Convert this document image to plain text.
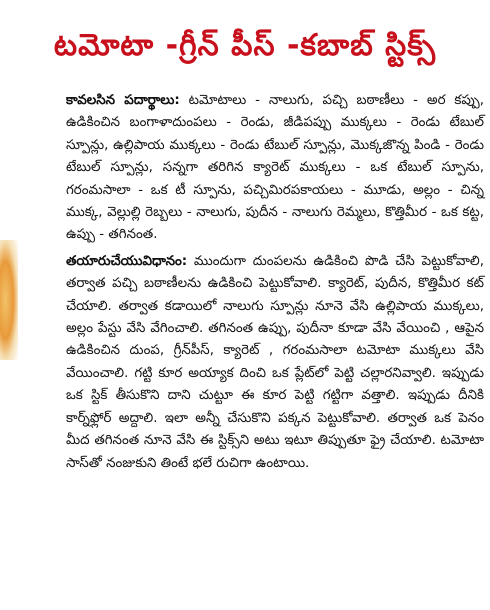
టమోటా -గ్రీన్ పీస్ -కబాబ్ స్టిక్స్

కావలసిన పదార్థాలు: టమోటాలు - నాలుగు, పచ్చి బఠాణీలు - అర కప్పు, ఉడికించిన బంగాళాదుంపలు - రెండు, జీడిపప్పు ముక్కలు - రెండు టేబుల్ స్పూన్లు, ఉల్లిపాయ ముక్కలు - రెండు టేబుల్ స్పూన్లు, మొక్కజొన్న పిండి - రెండు టేబుల్ స్పూన్లు, సన్నగా తరిగిన క్యారెట్ ముక్కలు - ఒక టేబుల్ స్పూను, గరంమసాలా - ఒక టీ స్పూను, పచ్చిమిరపకాయలు - మూడు, అల్లం - చిన్న ముక్క, వెల్లుల్లి రెబ్బలు - నాలుగు, పుదీన - నాలుగు రెమ్మలు, కొత్తిమీర - ఒక కట్ట, ఉప్పు - తగినంత.

తయారుచేయువిధానం: ముందుగా దుంపలను ఉడికించి పొడి చేసి పెట్టుకోవాలి, తర్వాత పచ్చి బఠాణీలను ఉడికించి పెట్టుకోవాలి. క్యారెట్, పుదీన, కొత్తిమీర కట్ చేయాలి. తర్వాత కడాయిలో నాలుగు స్పూన్లు నూనె వేసి ఉల్లిపాయ ముక్కలు, అల్లం పేస్టు వేసి వేగించాలి. తగినంత ఉప్పు, పుదీనా కూడా వేసి వేయించి , ఆపైన ఉడికించిన దుంప, గ్రీన్‌పీస్, క్యారెట్ , గరంమసాలా టమోటా ముక్కలు వేసి వేయించాలి. గట్టి కూర అయ్యాక దించి ఒక ప్లేట్‌లో పెట్టి చల్లారనివ్వాలి. ఇప్పుడు ఒక స్టిక్ తీసుకొని దాని చుట్టూ ఈ కూర పెట్టి గట్టిగా వత్తాలి. ఇప్పుడు దీనికి కార్న్‌ఫ్లోర్ అద్దాలి. ఇలా అన్నీ చేసుకొని పక్కన పెట్టుకోవాలి. తర్వాత ఒక పెనం మీద తగినంత నూనె వేసి ఈ స్టిక్స్‌ని అటు ఇటూ తిప్పుతూ ఫ్రై చేయాలి. టమోటా సాస్‌తో నంజుకుని తింటే భలే రుచిగా ఉంటాయి.
